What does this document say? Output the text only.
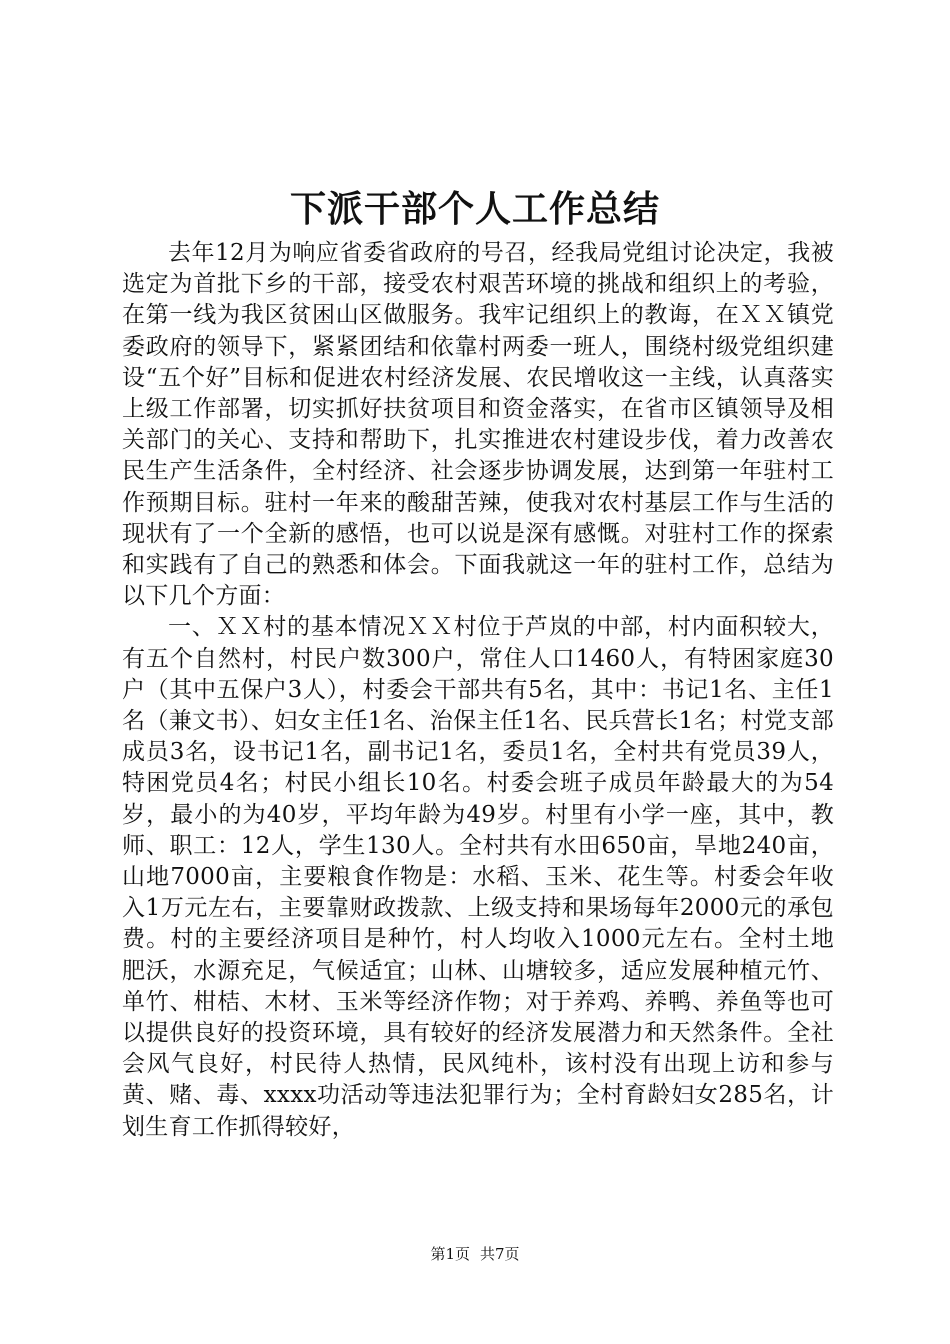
下派干部个人工作总结

去年12月为响应省委省政府的号召，经我局党组讨论决定，我被选定为首批下乡的干部，接受农村艰苦环境的挑战和组织上的考验，在第一线为我区贫困山区做服务。我牢记组织上的教诲，在ＸＸ镇党委政府的领导下，紧紧团结和依靠村两委一班人，围绕村级党组织建设“五个好”目标和促进农村经济发展、农民增收这一主线，认真落实上级工作部署，切实抓好扶贫项目和资金落实，在省市区镇领导及相关部门的关心、支持和帮助下，扎实推进农村建设步伐，着力改善农民生产生活条件，全村经济、社会逐步协调发展，达到第一年驻村工作预期目标。驻村一年来的酸甜苦辣，使我对农村基层工作与生活的现状有了一个全新的感悟，也可以说是深有感慨。对驻村工作的探索和实践有了自己的熟悉和体会。下面我就这一年的驻村工作，总结为以下几个方面：

一、ＸＸ村的基本情况ＸＸ村位于芦岚的中部，村内面积较大，有五个自然村，村民户数300户，常住人口1460人，有特困家庭30户（其中五保户3人），村委会干部共有5名，其中：书记1名、主任1名（兼文书）、妇女主任1名、治保主任1名、民兵营长1名；村党支部成员3名，设书记1名，副书记1名，委员1名，全村共有党员39人，特困党员4名；村民小组长10名。村委会班子成员年龄最大的为54岁，最小的为40岁，平均年龄为49岁。村里有小学一座，其中，教师、职工：12人，学生130人。全村共有水田650亩，旱地240亩，山地7000亩，主要粮食作物是：水稻、玉米、花生等。村委会年收入1万元左右，主要靠财政拨款、上级支持和果场每年2000元的承包费。村的主要经济项目是种竹，村人均收入1000元左右。全村土地肥沃，水源充足，气候适宜；山林、山塘较多，适应发展种植元竹、单竹、柑桔、木材、玉米等经济作物；对于养鸡、养鸭、养鱼等也可以提供良好的投资环境，具有较好的经济发展潜力和天然条件。全社会风气良好，村民待人热情，民风纯朴，该村没有出现上访和参与黄、赌、毒、xxxx功活动等违法犯罪行为；全村育龄妇女285名，计划生育工作抓得较好，

第1页 共7页
